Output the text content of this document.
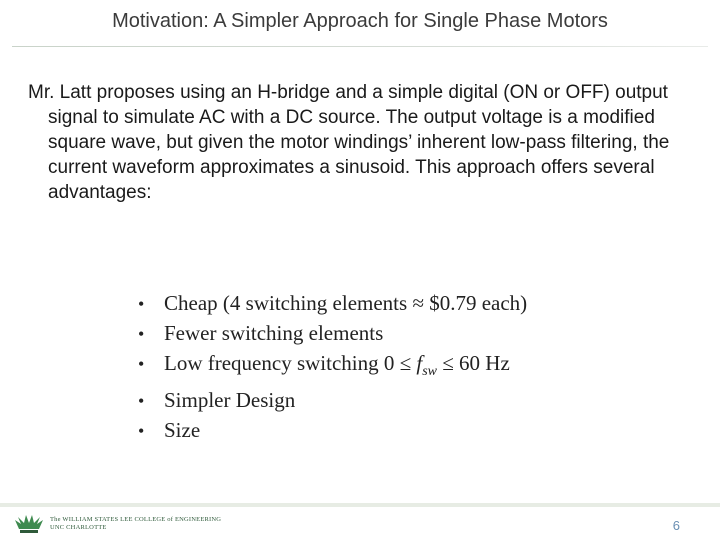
Motivation: A Simpler Approach for Single Phase Motors
Mr. Latt proposes using an H-bridge and a simple digital (ON or OFF) output signal to simulate AC with a DC source. The output voltage is a modified square wave, but given the motor windings’ inherent low-pass filtering, the current waveform approximates a sinusoid. This approach offers several advantages:
• Cheap (4 switching elements ≈ $0.79 each)
• Fewer switching elements
• Low frequency switching $0 \le f_{sw} \le 60$ Hz
• Simpler Design
• Size
The WILLIAM STATES LEE COLLEGE of ENGINEERING
UNC CHARLOTTE	6
